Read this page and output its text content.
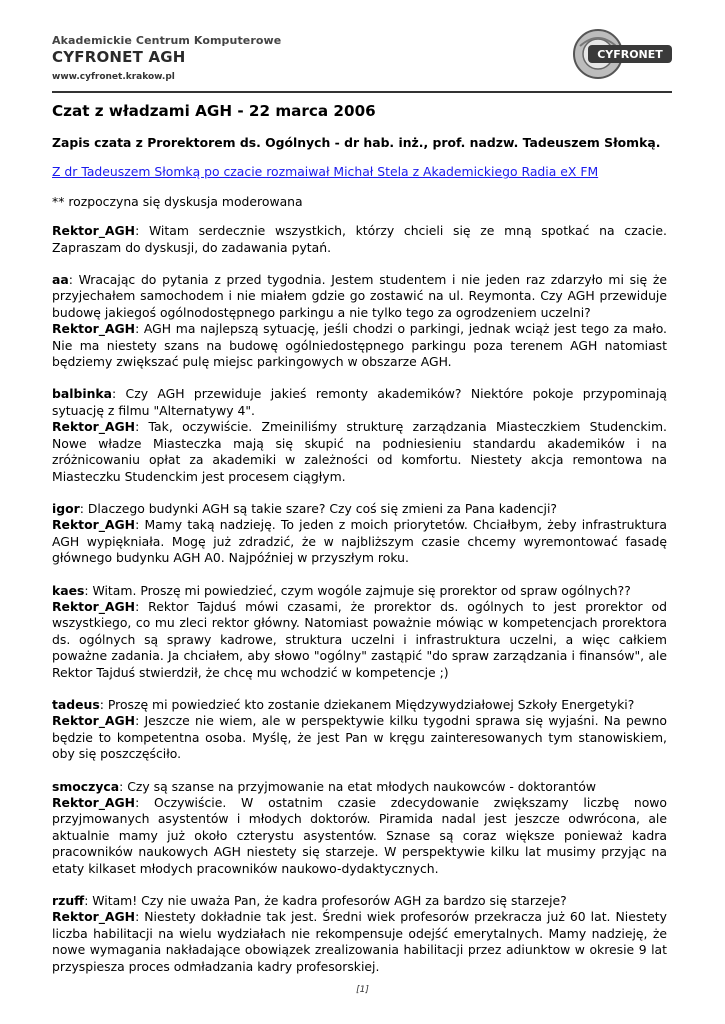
Akademickie Centrum Komputerowe
CYFRONET AGH
www.cyfronet.krakow.pl
CYFRONET
Czat z władzami AGH - 22 marca 2006

Zapis czata z Prorektorem ds. Ogólnych - dr hab. inż., prof. nadzw. Tadeuszem Słomką.

Z dr Tadeuszem Słomką po czacie rozmaiwał Michał Stela z Akademickiego Radia eX FM

** rozpoczyna się dyskusja moderowana

Rektor_AGH: Witam serdecznie wszystkich, którzy chcieli się ze mną spotkać na czacie. Zapraszam do dyskusji, do zadawania pytań.

aa: Wracając do pytania z przed tygodnia. Jestem studentem i nie jeden raz zdarzyło mi się że przyjechałem samochodem i nie miałem gdzie go zostawić na ul. Reymonta. Czy AGH przewiduje budowę jakiegoś ogólnodostępnego parkingu a nie tylko tego za ogrodzeniem uczelni?

Rektor_AGH: AGH ma najlepszą sytuację, jeśli chodzi o parkingi, jednak wciąż jest tego za mało. Nie ma niestety szans na budowę ogólniedostępnego parkingu poza terenem AGH natomiast będziemy zwiększać pulę miejsc parkingowych w obszarze AGH.

balbinka: Czy AGH przewiduje jakieś remonty akademików? Niektóre pokoje przypominają sytuację z filmu "Alternatywy 4".

Rektor_AGH: Tak, oczywiście. Zmeiniliśmy strukturę zarządzania Miasteczkiem Studenckim. Nowe władze Miasteczka mają się skupić na podniesieniu standardu akademików i na zróżnicowaniu opłat za akademiki w zależności od komfortu. Niestety akcja remontowa na Miasteczku Studenckim jest procesem ciągłym.

igor: Dlaczego budynki AGH są takie szare? Czy coś się zmieni za Pana kadencji?

Rektor_AGH: Mamy taką nadzieję. To jeden z moich priorytetów. Chciałbym, żeby infrastruktura AGH wypiękniała. Mogę już zdradzić, że w najbliższym czasie chcemy wyremontować fasadę głównego budynku AGH A0. Najpóźniej w przyszłym roku.

kaes: Witam. Proszę mi powiedzieć, czym wogóle zajmuje się prorektor od spraw ogólnych??

Rektor_AGH: Rektor Tajduś mówi czasami, że prorektor ds. ogólnych to jest prorektor od wszystkiego, co mu zleci rektor główny. Natomiast poważnie mówiąc w kompetencjach prorektora ds. ogólnych są sprawy kadrowe, struktura uczelni i infrastruktura uczelni, a więc całkiem poważne zadania. Ja chciałem, aby słowo "ogólny" zastąpić "do spraw zarządzania i finansów", ale Rektor Tajduś stwierdził, że chcę mu wchodzić w kompetencje ;)

tadeus: Proszę mi powiedzieć kto zostanie dziekanem Międzywydziałowej Szkoły Energetyki?

Rektor_AGH: Jeszcze nie wiem, ale w perspektywie kilku tygodni sprawa się wyjaśni. Na pewno będzie to kompetentna osoba. Myślę, że jest Pan w kręgu zainteresowanych tym stanowiskiem, oby się poszczęściło.

smoczyca: Czy są szanse na przyjmowanie na etat młodych naukowców - doktorantów

Rektor_AGH: Oczywiście. W ostatnim czasie zdecydowanie zwiększamy liczbę nowo przyjmowanych asystentów i młodych doktorów. Piramida nadal jest jeszcze odwrócona, ale aktualnie mamy już około czterystu asystentów. Sznase są coraz większe ponieważ kadra pracowników naukowych AGH niestety się starzeje. W perspektywie kilku lat musimy przyjąc na etaty kilkaset młodych pracowników naukowo-dydaktycznych.

rzuff: Witam! Czy nie uważa Pan, że kadra profesorów AGH za bardzo się starzeje?

Rektor_AGH: Niestety dokładnie tak jest. Średni wiek profesorów przekracza już 60 lat. Niestety liczba habilitacji na wielu wydziałach nie rekompensuje odejść emerytalnych. Mamy nadzieję, że nowe wymagania nakładające obowiązek zrealizowania habilitacji przez adiunktow w okresie 9 lat przyspiesza proces odmładzania kadry profesorskiej.

[1]
